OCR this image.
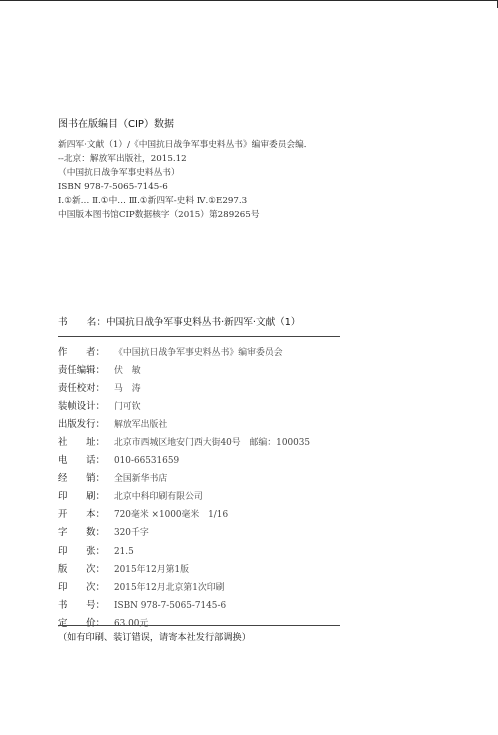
图书在版编目（CIP）数据
新四军·文献（1）/《中国抗日战争军事史料丛书》编审委员会编．
--北京：解放军出版社，2015.12
（中国抗日战争军事史料丛书）
ISBN 978-7-5065-7145-6
Ⅰ.①新… Ⅱ.①中… Ⅲ.①新四军-史料 Ⅳ.①E297.3
中国版本图书馆CIP数据核字（2015）第289265号
书　　名：中国抗日战争军事史料丛书·新四军·文献（1）
作　　者：	《中国抗日战争军事史料丛书》编审委员会
责任编辑：	伏　敏
责任校对：	马　涛
装帧设计：	门可钦
出版发行：	解放军出版社
社　　址：	北京市西城区地安门西大街40号　邮编：100035
电　　话：	010-66531659
经　　销：	全国新华书店
印　　刷：	北京中科印刷有限公司
开　　本：	720毫米 ×1000毫米　1/16
字　　数：	320千字
印　　张：	21.5
版　　次：	2015年12月第1版
印　　次：	2015年12月北京第1次印刷
书　　号：	ISBN 978-7-5065-7145-6
定　　价：	63.00元
（如有印刷、装订错误，请寄本社发行部调换）
